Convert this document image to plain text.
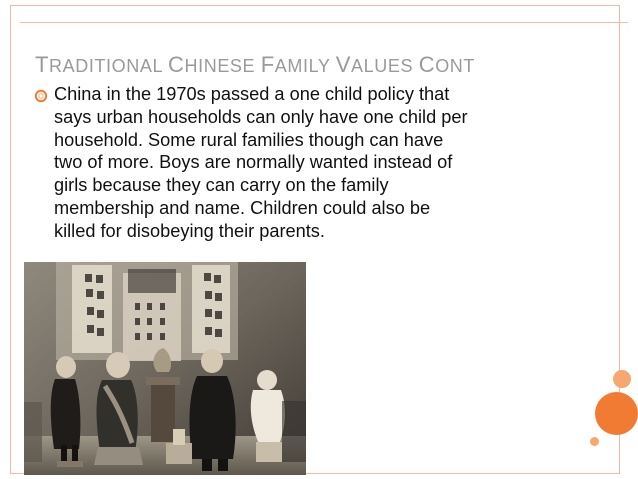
TRADITIONAL CHINESE FAMILY VALUES CONT

China in the 1970s passed a one child policy that
says urban households can only have one child per
household. Some rural families though can have
two of more. Boys are normally wanted instead of
girls because they can carry on the family
membership and name. Children could also be
killed for disobeying their parents.
